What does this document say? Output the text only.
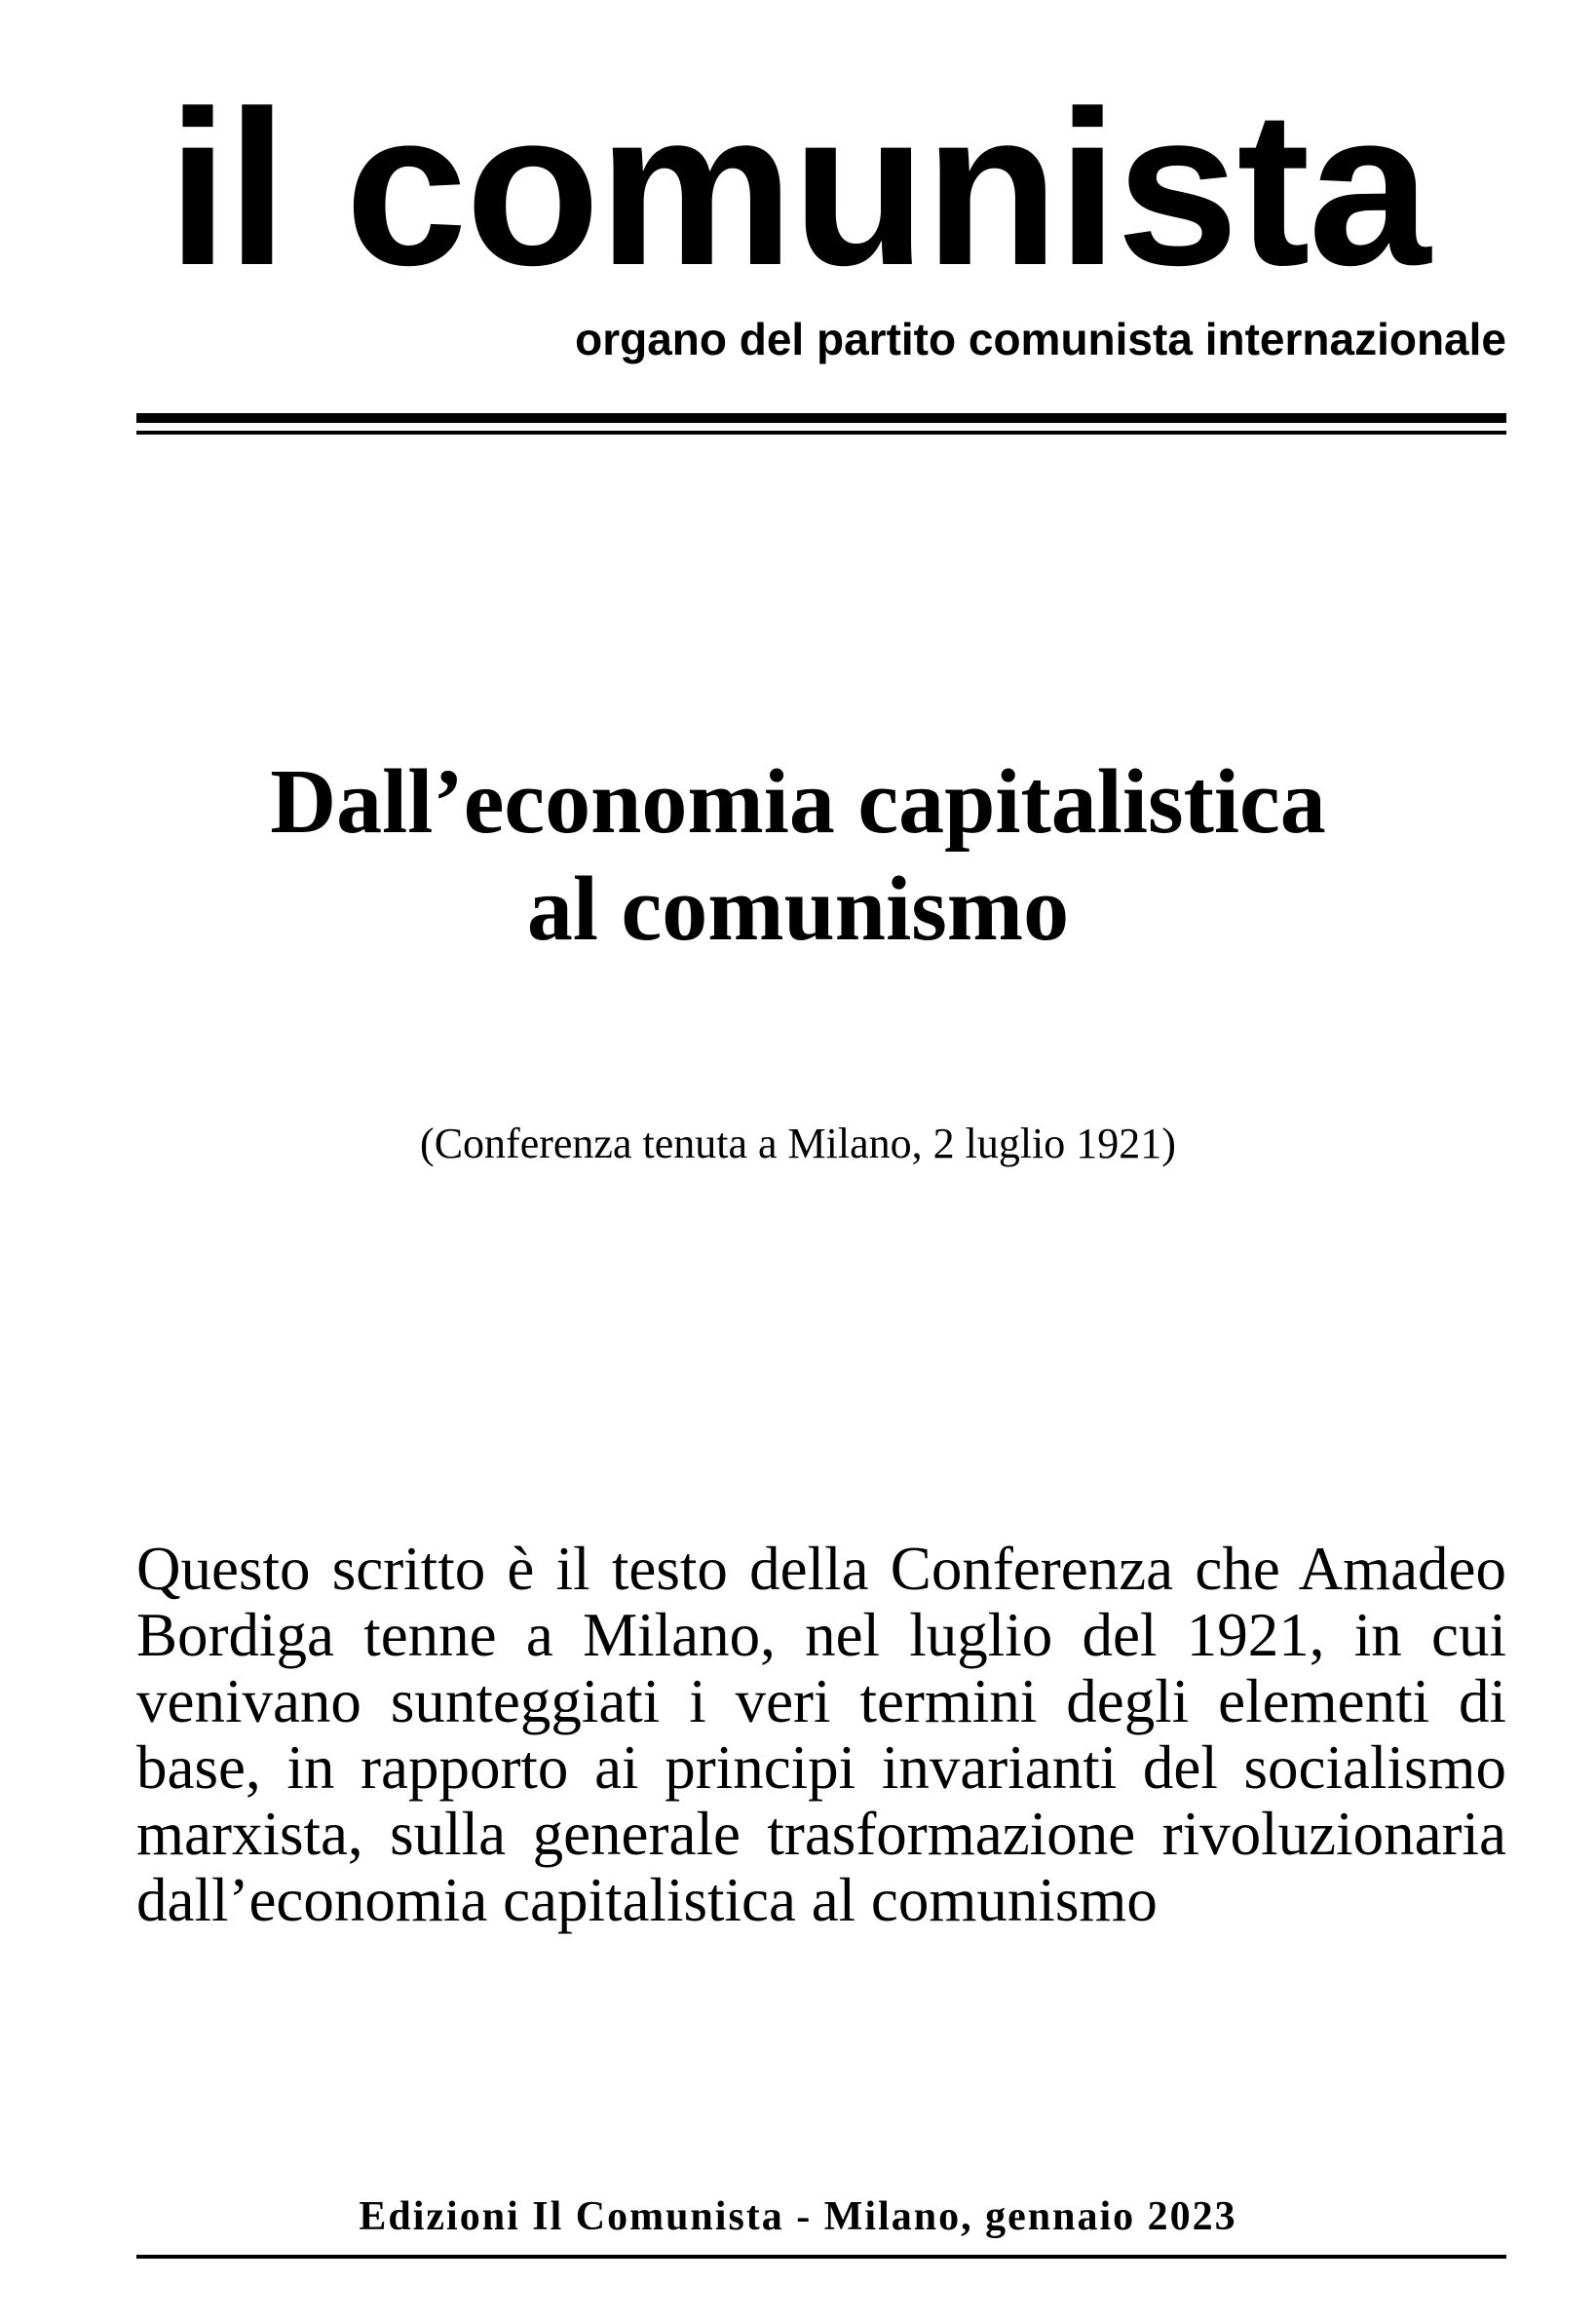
il comunista
organo del partito comunista internazionale
Dall’economia capitalistica
al comunismo
(Conferenza tenuta a Milano, 2 luglio 1921)
Questo scritto è il testo della Conferenza che Amadeo
Bordiga tenne a Milano, nel luglio del 1921, in cui
venivano sunteggiati i veri termini degli elementi di
base, in rapporto ai principi invarianti del socialismo
marxista, sulla generale trasformazione rivoluzionaria
dall’economia capitalistica al comunismo
Edizioni Il Comunista - Milano, gennaio 2023
